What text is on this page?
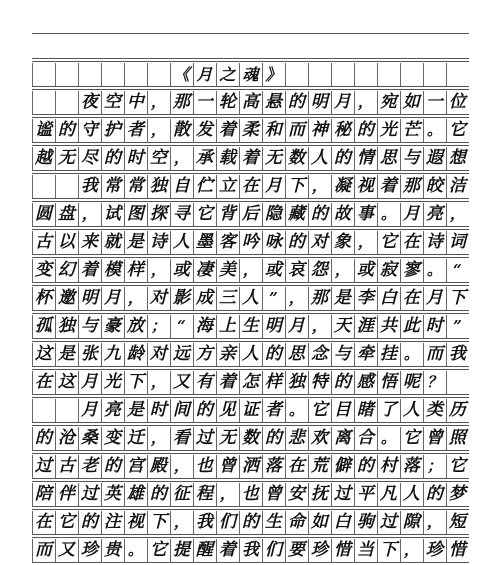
《 月 之 魂 》
夜 空 中 ， 那 一 轮 高 悬 的 明 月 ， 宛 如 一 位
谧 的 守 护 者 ， 散 发 着 柔 和 而 神 秘 的 光 芒 。 它
越 无 尽 的 时 空 ， 承 载 着 无 数 人 的 情 思 与 遐 想
我 常 常 独 自 伫 立 在 月 下 ， 凝 视 着 那 皎 洁
圆 盘 ， 试 图 探 寻 它 背 后 隐 藏 的 故 事 。 月 亮 ，
古 以 来 就 是 诗 人 墨 客 吟 咏 的 对 象 ， 它 在 诗 词
变 幻 着 模 样 ， 或 凄 美 ， 或 哀 怨 ， 或 寂 寥 。 “
杯 邀 明 月 ， 对 影 成 三 人 ” ， 那 是 李 白 在 月 下
孤 独 与 豪 放 ； “ 海 上 生 明 月 ， 天 涯 共 此 时 ”
这 是 张 九 龄 对 远 方 亲 人 的 思 念 与 牵 挂 。 而 我
在 这 月 光 下 ， 又 有 着 怎 样 独 特 的 感 悟 呢 ？
月 亮 是 时 间 的 见 证 者 。 它 目 睹 了 人 类 历
的 沧 桑 变 迁 ， 看 过 无 数 的 悲 欢 离 合 。 它 曾 照
过 古 老 的 宫 殿 ， 也 曾 洒 落 在 荒 僻 的 村 落 ； 它
陪 伴 过 英 雄 的 征 程 ， 也 曾 安 抚 过 平 凡 人 的 梦
在 它 的 注 视 下 ， 我 们 的 生 命 如 白 驹 过 隙 ， 短
而 又 珍 贵 。 它 提 醒 着 我 们 要 珍 惜 当 下 ， 珍 惜
